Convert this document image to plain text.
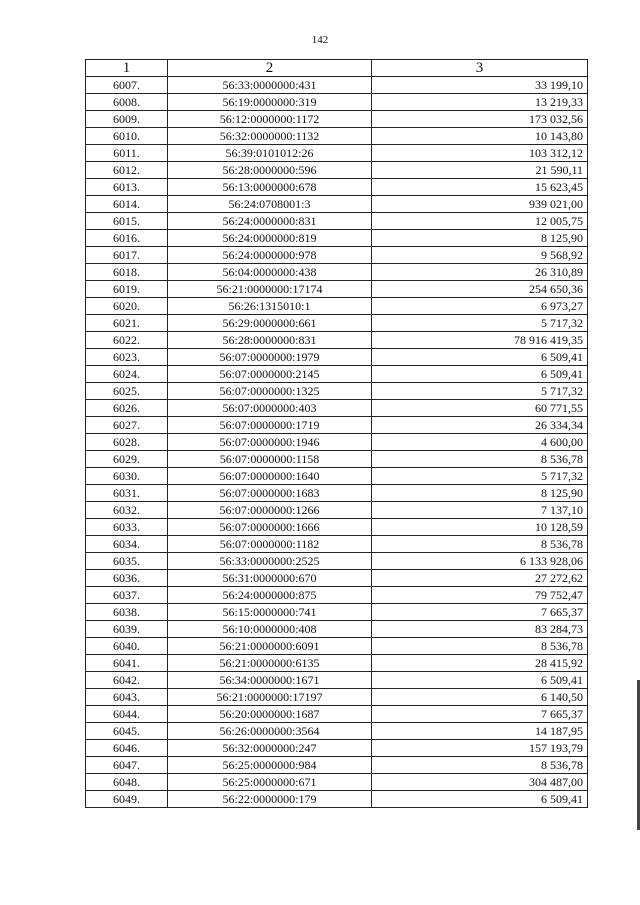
142
1	2	3
6007.	56:33:0000000:431	33 199,10
6008.	56:19:0000000:319	13 219,33
6009.	56:12:0000000:1172	173 032,56
6010.	56:32:0000000:1132	10 143,80
6011.	56:39:0101012:26	103 312,12
6012.	56:28:0000000:596	21 590,11
6013.	56:13:0000000:678	15 623,45
6014.	56:24:0708001:3	939 021,00
6015.	56:24:0000000:831	12 005,75
6016.	56:24:0000000:819	8 125,90
6017.	56:24:0000000:978	9 568,92
6018.	56:04:0000000:438	26 310,89
6019.	56:21:0000000:17174	254 650,36
6020.	56:26:1315010:1	6 973,27
6021.	56:29:0000000:661	5 717,32
6022.	56:28:0000000:831	78 916 419,35
6023.	56:07:0000000:1979	6 509,41
6024.	56:07:0000000:2145	6 509,41
6025.	56:07:0000000:1325	5 717,32
6026.	56:07:0000000:403	60 771,55
6027.	56:07:0000000:1719	26 334,34
6028.	56:07:0000000:1946	4 600,00
6029.	56:07:0000000:1158	8 536,78
6030.	56:07:0000000:1640	5 717,32
6031.	56:07:0000000:1683	8 125,90
6032.	56:07:0000000:1266	7 137,10
6033.	56:07:0000000:1666	10 128,59
6034.	56:07:0000000:1182	8 536,78
6035.	56:33:0000000:2525	6 133 928,06
6036.	56:31:0000000:670	27 272,62
6037.	56:24:0000000:875	79 752,47
6038.	56:15:0000000:741	7 665,37
6039.	56:10:0000000:408	83 284,73
6040.	56:21:0000000:6091	8 536,78
6041.	56:21:0000000:6135	28 415,92
6042.	56:34:0000000:1671	6 509,41
6043.	56:21:0000000:17197	6 140,50
6044.	56:20:0000000:1687	7 665,37
6045.	56:26:0000000:3564	14 187,95
6046.	56:32:0000000:247	157 193,79
6047.	56:25:0000000:984	8 536,78
6048.	56:25:0000000:671	304 487,00
6049.	56:22:0000000:179	6 509,41
